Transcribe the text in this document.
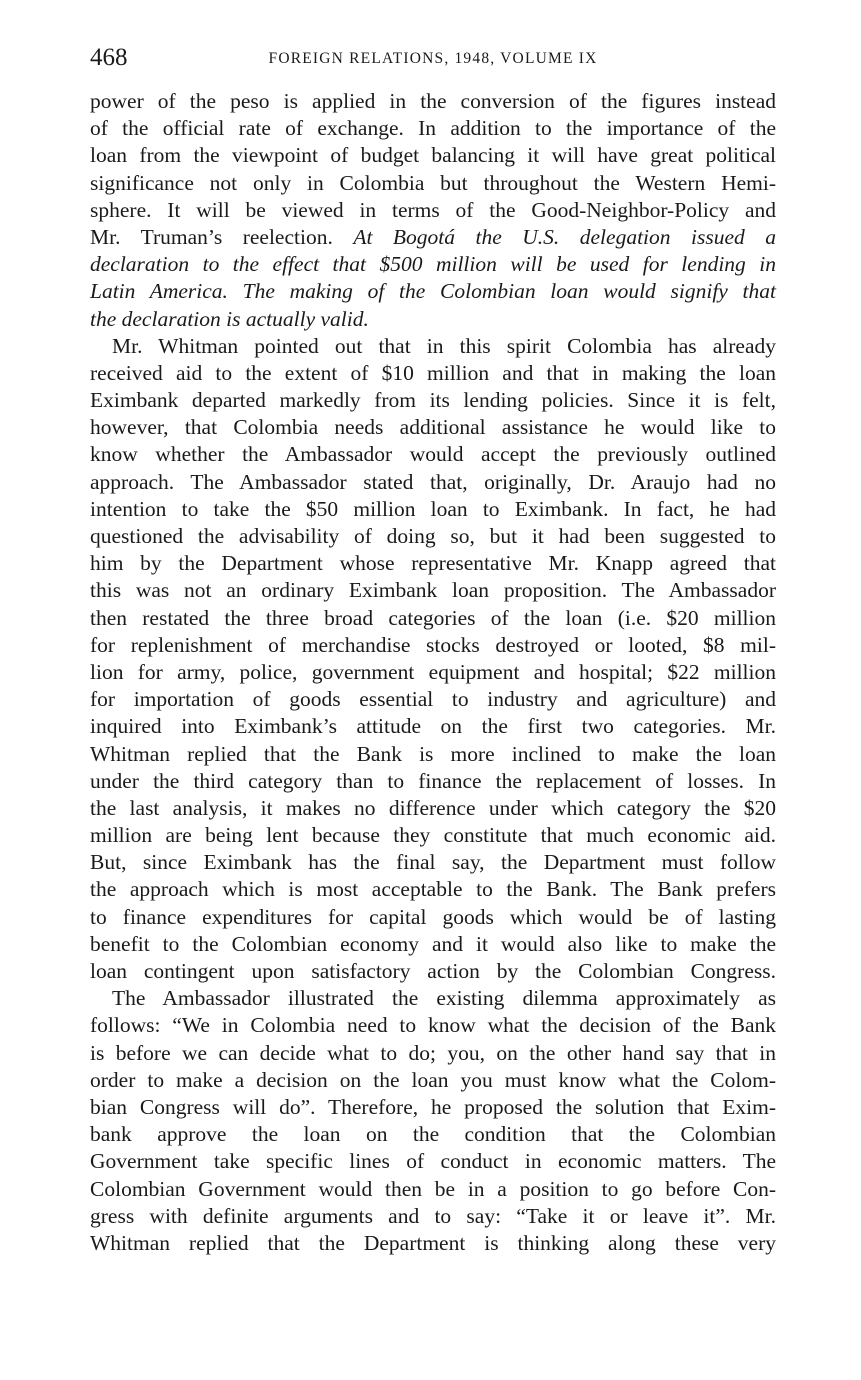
468	FOREIGN RELATIONS, 1948, VOLUME IX
power of the peso is applied in the conversion of the figures instead
of the official rate of exchange. In addition to the importance of the
loan from the viewpoint of budget balancing it will have great political
significance not only in Colombia but throughout the Western Hemi-
sphere. It will be viewed in terms of the Good-Neighbor-Policy and
Mr. Truman’s reelection. At Bogotá the U.S. delegation issued a
declaration to the effect that $500 million will be used for lending in
Latin America. The making of the Colombian loan would signify that
the declaration is actually valid.
Mr. Whitman pointed out that in this spirit Colombia has already
received aid to the extent of $10 million and that in making the loan
Eximbank departed markedly from its lending policies. Since it is felt,
however, that Colombia needs additional assistance he would like to
know whether the Ambassador would accept the previously outlined
approach. The Ambassador stated that, originally, Dr. Araujo had no
intention to take the $50 million loan to Eximbank. In fact, he had
questioned the advisability of doing so, but it had been suggested to
him by the Department whose representative Mr. Knapp agreed that
this was not an ordinary Eximbank loan proposition. The Ambassador
then restated the three broad categories of the loan (i.e. $20 million
for replenishment of merchandise stocks destroyed or looted, $8 mil-
lion for army, police, government equipment and hospital; $22 million
for importation of goods essential to industry and agriculture) and
inquired into Eximbank’s attitude on the first two categories. Mr.
Whitman replied that the Bank is more inclined to make the loan
under the third category than to finance the replacement of losses. In
the last analysis, it makes no difference under which category the $20
million are being lent because they constitute that much economic aid.
But, since Eximbank has the final say, the Department must follow
the approach which is most acceptable to the Bank. The Bank prefers
to finance expenditures for capital goods which would be of lasting
benefit to the Colombian economy and it would also like to make the
loan contingent upon satisfactory action by the Colombian Congress.
The Ambassador illustrated the existing dilemma approximately as
follows: “We in Colombia need to know what the decision of the Bank
is before we can decide what to do; you, on the other hand say that in
order to make a decision on the loan you must know what the Colom-
bian Congress will do”. Therefore, he proposed the solution that Exim-
bank approve the loan on the condition that the Colombian
Government take specific lines of conduct in economic matters. The
Colombian Government would then be in a position to go before Con-
gress with definite arguments and to say: “Take it or leave it”. Mr.
Whitman replied that the Department is thinking along these very
